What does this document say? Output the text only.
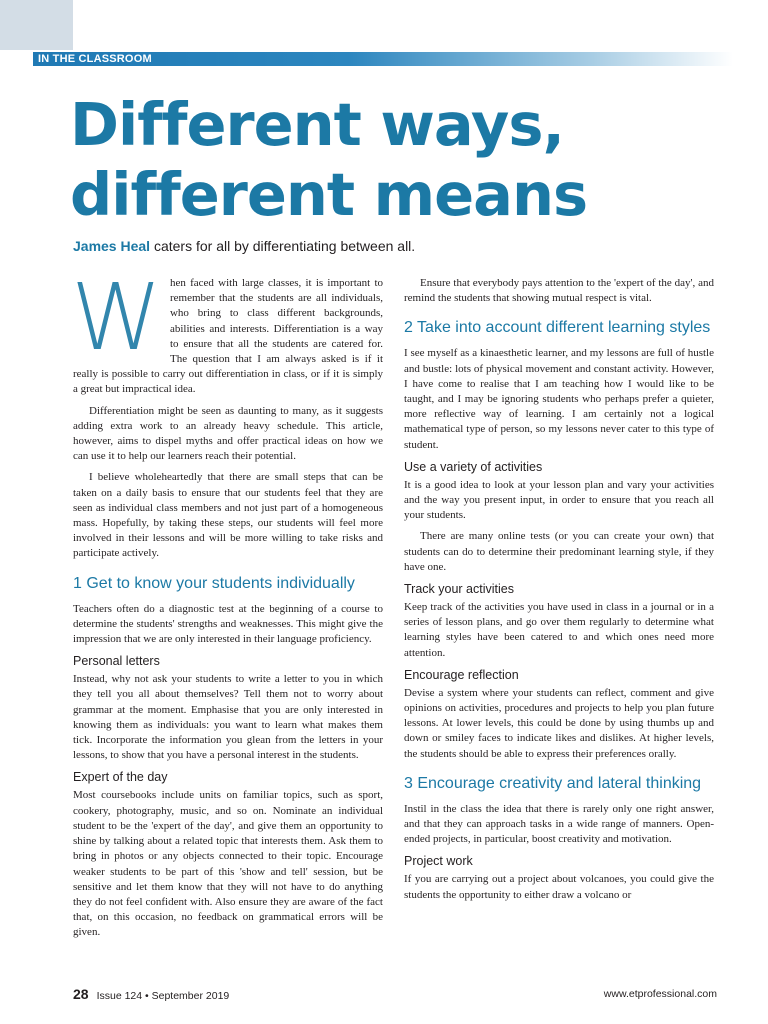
IN THE CLASSROOM
Different ways,
different means
James Heal caters for all by differentiating between all.

When faced with large classes, it is important to remember that the students are all individuals, who bring to class different backgrounds, abilities and interests. Differentiation is a way to ensure that all the students are catered for. The question that I am always asked is if it really is possible to carry out differentiation in class, or if it is simply a great but impractical idea.

Differentiation might be seen as daunting to many, as it suggests adding extra work to an already heavy schedule. This article, however, aims to dispel myths and offer practical ideas on how we can use it to help our learners reach their potential.

I believe wholeheartedly that there are small steps that can be taken on a daily basis to ensure that our students feel that they are seen as individual class members and not just part of a homogeneous mass. Hopefully, by taking these steps, our students will feel more involved in their lessons and will be more willing to take risks and participate actively.

1 Get to know your students individually

Teachers often do a diagnostic test at the beginning of a course to determine the students' strengths and weaknesses. This might give the impression that we are only interested in their language proficiency.

Personal letters

Instead, why not ask your students to write a letter to you in which they tell you all about themselves? Tell them not to worry about grammar at the moment. Emphasise that you are only interested in knowing them as individuals: you want to learn what makes them tick. Incorporate the information you glean from the letters in your lessons, to show that you have a personal interest in the students.

Expert of the day

Most coursebooks include units on familiar topics, such as sport, cookery, photography, music, and so on. Nominate an individual student to be the 'expert of the day', and give them an opportunity to shine by talking about a related topic that interests them. Ask them to bring in photos or any objects connected to their topic. Encourage weaker students to be part of this 'show and tell' session, but be sensitive and let them know that they will not have to do anything they do not feel confident with. Also ensure they are aware of the fact that, on this occasion, no feedback on grammatical errors will be given.

Ensure that everybody pays attention to the 'expert of the day', and remind the students that showing mutual respect is vital.

2 Take into account different learning styles

I see myself as a kinaesthetic learner, and my lessons are full of hustle and bustle: lots of physical movement and constant activity. However, I have come to realise that I am teaching how I would like to be taught, and I may be ignoring students who perhaps prefer a quieter, more reflective way of learning. I am certainly not a logical mathematical type of person, so my lessons never cater to this type of student.

Use a variety of activities

It is a good idea to look at your lesson plan and vary your activities and the way you present input, in order to ensure that you reach all your students.

There are many online tests (or you can create your own) that students can do to determine their predominant learning style, if they have one.

Track your activities

Keep track of the activities you have used in class in a journal or in a series of lesson plans, and go over them regularly to determine what learning styles have been catered to and which ones need more attention.

Encourage reflection

Devise a system where your students can reflect, comment and give opinions on activities, procedures and projects to help you plan future lessons. At lower levels, this could be done by using thumbs up and down or smiley faces to indicate likes and dislikes. At higher levels, the students should be able to express their preferences orally.

3 Encourage creativity and lateral thinking

Instil in the class the idea that there is rarely only one right answer, and that they can approach tasks in a wide range of manners. Open-ended projects, in particular, boost creativity and motivation.

Project work

If you are carrying out a project about volcanoes, you could give the students the opportunity to either draw a volcano or

28 Issue 124 • September 2019	www.etprofessional.com
